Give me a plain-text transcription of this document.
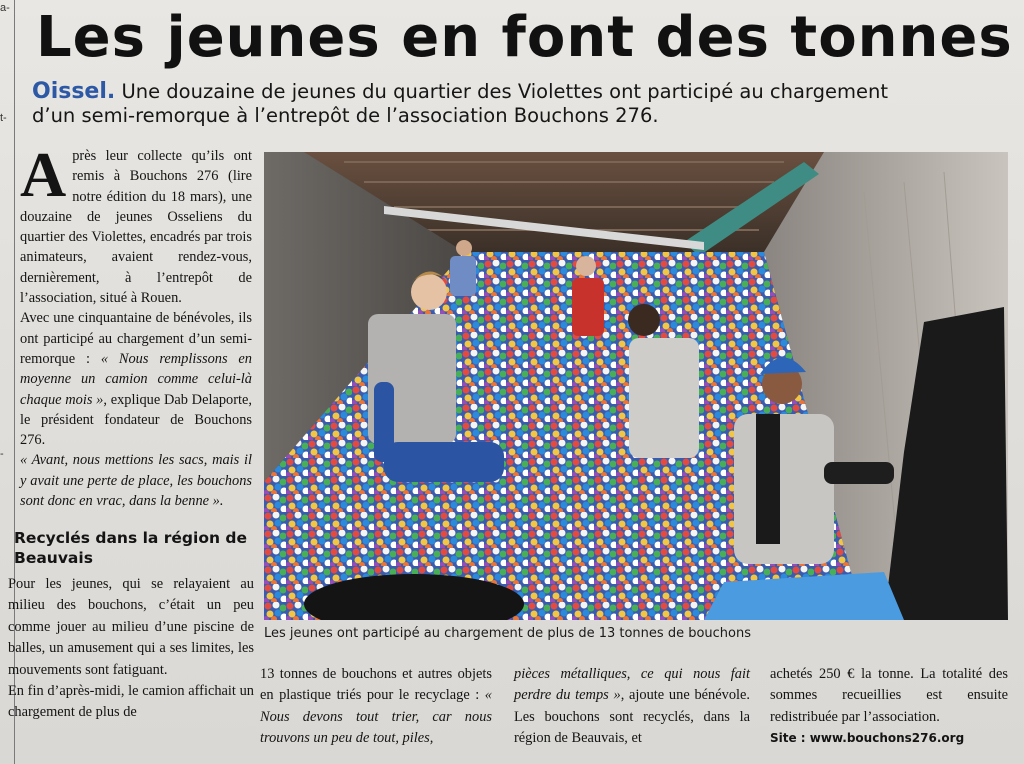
a-
t-
-
Les jeunes en font des tonnes
Oissel. Une douzaine de jeunes du quartier des Violettes ont participé au chargement
d’un semi-remorque à l’entrepôt de l’association Bouchons 276.

Après leur collecte qu’ils ont remis à Bouchons 276 (lire notre édition du 18 mars), une douzaine de jeunes Osseliens du quartier des Violettes, encadrés par trois animateurs, avaient rendez-vous, dernièrement, à l’entrepôt de l’association, situé à Rouen.

Avec une cinquantaine de bénévoles, ils ont participé au chargement d’un semi-remorque : « Nous remplissons en moyenne un camion comme celui-là chaque mois », explique Dab Delaporte, le président fondateur de Bouchons 276.

« Avant, nous mettions les sacs, mais il y avait une perte de place, les bouchons sont donc en vrac, dans la benne ».

Recyclés dans la région de Beauvais

Pour les jeunes, qui se relayaient au milieu des bouchons, c’était un peu comme jouer au milieu d’une piscine de balles, un amusement qui a ses limites, les mouvements sont fatiguant.

En fin d’après-midi, le camion affichait un chargement de plus de

Les jeunes ont participé au chargement de plus de 13 tonnes de bouchons

13 tonnes de bouchons et autres objets en plastique triés pour le recyclage : « Nous devons tout trier, car nous trouvons un peu de tout, piles,

pièces métalliques, ce qui nous fait perdre du temps », ajoute une bénévole. Les bouchons sont recyclés, dans la région de Beauvais, et

achetés 250 € la tonne. La totalité des sommes recueillies est ensuite redistribuée par l’association.

Site : www.bouchons276.org
